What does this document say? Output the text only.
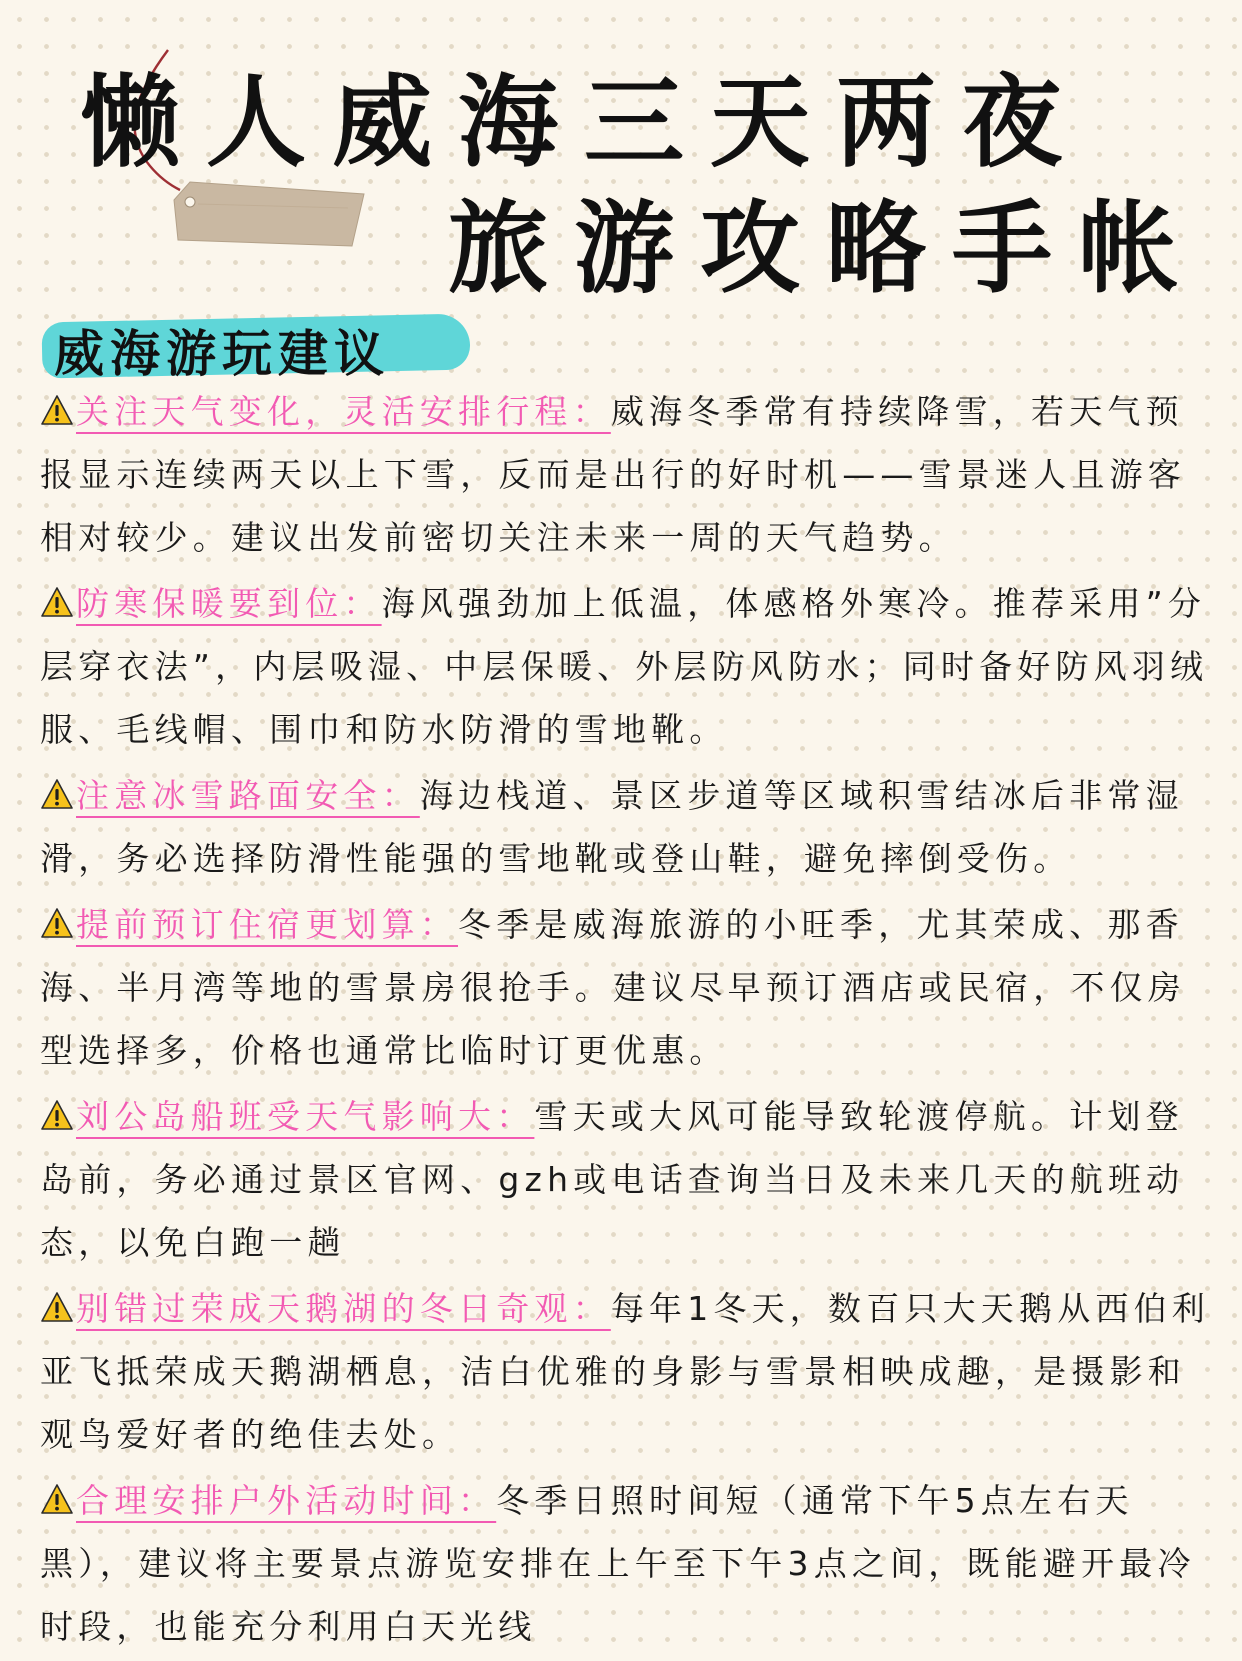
懒人威海三天两夜
旅游攻略手帐
威海游玩建议

关注天气变化，灵活安排行程：威海冬季常有持续降雪，若天气预报显示连续两天以上下雪，反而是出行的好时机——雪景迷人且游客相对较少。建议出发前密切关注未来一周的天气趋势。

防寒保暖要到位：海风强劲加上低温，体感格外寒冷。推荐采用”分层穿衣法”，内层吸湿、中层保暖、外层防风防水；同时备好防风羽绒服、毛线帽、围巾和防水防滑的雪地靴。

注意冰雪路面安全：海边栈道、景区步道等区域积雪结冰后非常湿滑，务必选择防滑性能强的雪地靴或登山鞋，避免摔倒受伤。

提前预订住宿更划算：冬季是威海旅游的小旺季，尤其荣成、那香海、半月湾等地的雪景房很抢手。建议尽早预订酒店或民宿，不仅房型选择多，价格也通常比临时订更优惠。

刘公岛船班受天气影响大：雪天或大风可能导致轮渡停航。计划登岛前，务必通过景区官网、gzh或电话查询当日及未来几天的航班动态，以免白跑一趟

别错过荣成天鹅湖的冬日奇观：每年1冬天，数百只大天鹅从西伯利亚飞抵荣成天鹅湖栖息，洁白优雅的身影与雪景相映成趣，是摄影和观鸟爱好者的绝佳去处。

合理安排户外活动时间：冬季日照时间短（通常下午5点左右天黑），建议将主要景点游览安排在上午至下午3点之间，既能避开最冷时段，也能充分利用白天光线
